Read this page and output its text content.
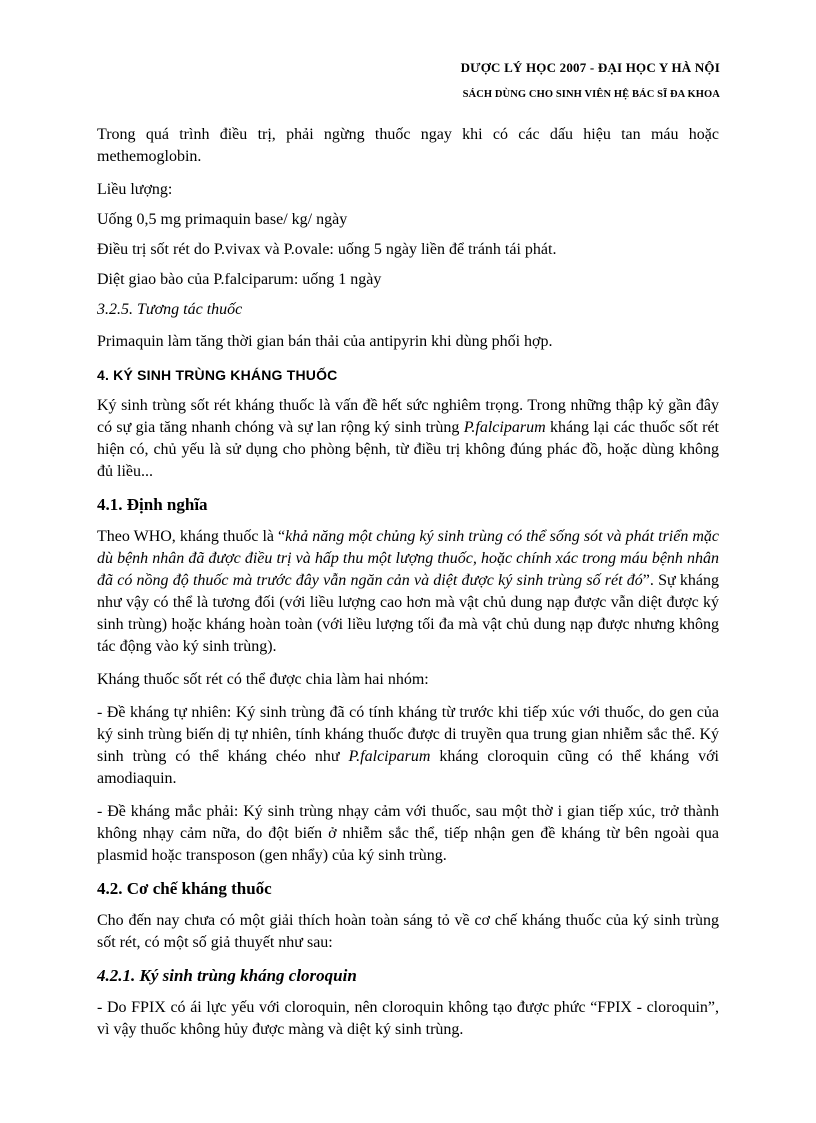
DƯỢC LÝ HỌC 2007 - ĐẠI HỌC Y HÀ NỘI
SÁCH DÙNG CHO SINH VIÊN HỆ BÁC SĨ ĐA KHOA

Trong quá trình điều trị, phải ngừng thuốc ngay khi có các dấu hiệu tan máu hoặc methemoglobin.

Liều lượng:

Uống 0,5 mg primaquin base/ kg/ ngày

Điều trị sốt rét do P.vivax và P.ovale: uống 5 ngày liền để tránh tái phát.

Diệt giao bào của P.falciparum: uống 1 ngày

3.2.5. Tương tác thuốc

Primaquin làm tăng thời gian bán thải của antipyrin khi dùng phối hợp.

4. KÝ SINH TRÙNG KHÁNG THUỐC

Ký sinh trùng sốt rét kháng thuốc là vấn đề hết sức nghiêm trọng. Trong những thập kỷ gần đây có sự gia tăng nhanh chóng và sự lan rộng ký sinh trùng P.falciparum kháng lại các thuốc sốt rét hiện có, chủ yếu là sử dụng cho phòng bệnh, từ điều trị không đúng phác đồ, hoặc dùng không đủ liều...

4.1. Định nghĩa

Theo WHO, kháng thuốc là “khả năng một chủng ký sinh trùng có thể sống sót và phát triển mặc dù bệnh nhân đã được điều trị và hấp thu một lượng thuốc, hoặc chính xác trong máu bệnh nhân đã có nồng độ thuốc mà trước đây vẫn ngăn cản và diệt được ký sinh trùng số rét đó”. Sự kháng như vậy có thể là tương đối (với liều lượng cao hơn mà vật chủ dung nạp được vẫn diệt được ký sinh trùng) hoặc kháng hoàn toàn (với liều lượng tối đa mà vật chủ dung nạp được nhưng không tác động vào ký sinh trùng).

Kháng thuốc sốt rét có thể được chia làm hai nhóm:

- Đề kháng tự nhiên: Ký sinh trùng đã có tính kháng từ trước khi tiếp xúc với thuốc, do gen của ký sinh trùng biến dị tự nhiên, tính kháng thuốc được di truyền qua trung gian nhiễm sắc thể. Ký sinh trùng có thể kháng chéo như P.falciparum kháng cloroquin cũng có thể kháng với amodiaquin.

- Đề kháng mắc phải: Ký sinh trùng nhạy cảm với thuốc, sau một thờ i gian tiếp xúc, trở thành không nhạy cảm nữa, do đột biến ở nhiễm sắc thể, tiếp nhận gen đề kháng từ bên ngoài qua plasmid hoặc transposon (gen nhẩy) của ký sinh trùng.

4.2. Cơ chế kháng thuốc

Cho đến nay chưa có một giải thích hoàn toàn sáng tỏ về cơ chế kháng thuốc của ký sinh trùng sốt rét, có một số giả thuyết như sau:

4.2.1. Ký sinh trùng kháng cloroquin

- Do FPIX có ái lực yếu với cloroquin, nên cloroquin không tạo được phức “FPIX - cloroquin”, vì vậy thuốc không hủy được màng và diệt ký sinh trùng.
